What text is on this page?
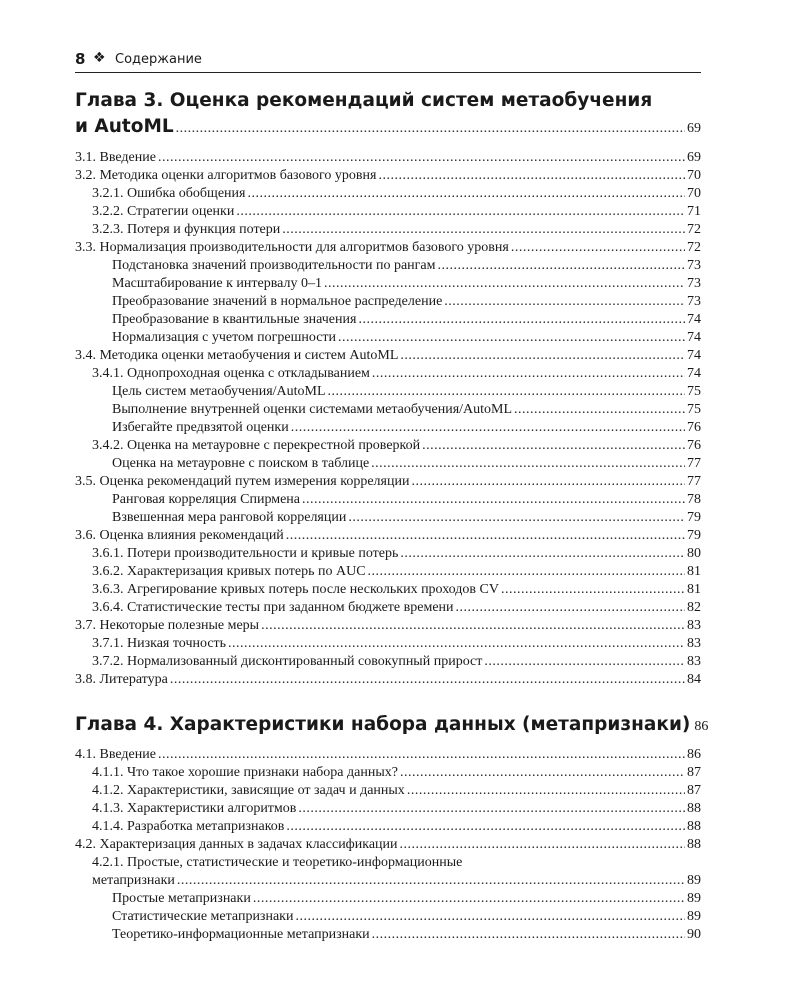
8 ❖ Содержание
Глава 3. Оценка рекомендаций систем метаобучения
и AutoML .....	69
3.1. Введение .....	69
3.2. Методика оценки алгоритмов базового уровня .....	70
3.2.1. Ошибка обобщения .....	70
3.2.2. Стратегии оценки .....	71
3.2.3. Потеря и функция потери .....	72
3.3. Нормализация производительности для алгоритмов базового уровня .....	72
Подстановка значений производительности по рангам .....	73
Масштабирование к интервалу 0–1 .....	73
Преобразование значений в нормальное распределение .....	73
Преобразование в квантильные значения .....	74
Нормализация с учетом погрешности .....	74
3.4. Методика оценки метаобучения и систем AutoML .....	74
3.4.1. Однопроходная оценка с откладыванием .....	74
Цель систем метаобучения/AutoML .....	75
Выполнение внутренней оценки системами метаобучения/AutoML .....	75
Избегайте предвзятой оценки .....	76
3.4.2. Оценка на метауровне с перекрестной проверкой .....	76
Оценка на метауровне с поиском в таблице .....	77
3.5. Оценка рекомендаций путем измерения корреляции .....	77
Ранговая корреляция Спирмена .....	78
Взвешенная мера ранговой корреляции .....	79
3.6. Оценка влияния рекомендаций .....	79
3.6.1. Потери производительности и кривые потерь .....	80
3.6.2. Характеризация кривых потерь по AUC .....	81
3.6.3. Агрегирование кривых потерь после нескольких проходов CV .....	81
3.6.4. Статистические тесты при заданном бюджете времени .....	82
3.7. Некоторые полезные меры .....	83
3.7.1. Низкая точность .....	83
3.7.2. Нормализованный дисконтированный совокупный прирост .....	83
3.8. Литература .....	84
Глава 4. Характеристики набора данных (метапризнаки) 86
4.1. Введение .....	86
4.1.1. Что такое хорошие признаки набора данных? .....	87
4.1.2. Характеристики, зависящие от задач и данных .....	87
4.1.3. Характеристики алгоритмов .....	88
4.1.4. Разработка метапризнаков .....	88
4.2. Характеризация данных в задачах классификации .....	88
4.2.1. Простые, статистические и теоретико-информационные
метапризнаки .....	89
Простые метапризнаки .....	89
Статистические метапризнаки .....	89
Теоретико-информационные метапризнаки .....	90
